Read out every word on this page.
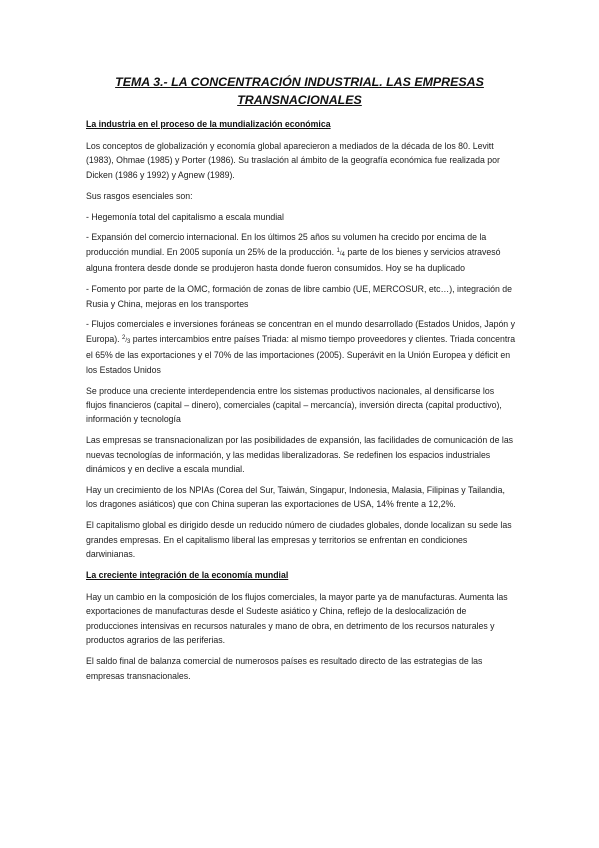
TEMA 3.- LA CONCENTRACIÓN INDUSTRIAL. LAS EMPRESAS
TRANSNACIONALES
La industria en el proceso de la mundialización económica

Los conceptos de globalización y economía global aparecieron a mediados de la década de los 80. Levitt (1983), Ohmae (1985) y Porter (1986). Su traslación al ámbito de la geografía económica fue realizada por Dicken (1986 y 1992) y Agnew (1989).

Sus rasgos esenciales son:

- Hegemonía total del capitalismo a escala mundial

- Expansión del comercio internacional. En los últimos 25 años su volumen ha crecido por encima de la producción mundial. En 2005 suponía un 25% de la producción. 1/4 parte de los bienes y servicios atravesó alguna frontera desde donde se produjeron hasta donde fueron consumidos. Hoy se ha duplicado

- Fomento por parte de la OMC, formación de zonas de libre cambio (UE, MERCOSUR, etc…), integración de Rusia y China, mejoras en los transportes

- Flujos comerciales e inversiones foráneas se concentran en el mundo desarrollado (Estados Unidos, Japón y Europa). 2/3 partes intercambios entre países Triada: al mismo tiempo proveedores y clientes. Triada concentra el 65% de las exportaciones y el 70% de las importaciones (2005). Superávit en la Unión Europea y déficit en los Estados Unidos

Se produce una creciente interdependencia entre los sistemas productivos nacionales, al densificarse los flujos financieros (capital – dinero), comerciales (capital – mercancía), inversión directa (capital productivo), información y tecnología

Las empresas se transnacionalizan por las posibilidades de expansión, las facilidades de comunicación de las nuevas tecnologías de información, y las medidas liberalizadoras. Se redefinen los espacios industriales dinámicos y en declive a escala mundial.

Hay un crecimiento de los NPIAs (Corea del Sur, Taiwán, Singapur, Indonesia, Malasia, Filipinas y Tailandia, los dragones asiáticos) que con China superan las exportaciones de USA, 14% frente a 12,2%.

El capitalismo global es dirigido desde un reducido número de ciudades globales, donde localizan su sede las grandes empresas. En el capitalismo liberal las empresas y territorios se enfrentan en condiciones darwinianas.

La creciente integración de la economía mundial

Hay un cambio en la composición de los flujos comerciales, la mayor parte ya de manufacturas. Aumenta las exportaciones de manufacturas desde el Sudeste asiático y China, reflejo de la deslocalización de producciones intensivas en recursos naturales y mano de obra, en detrimento de los recursos naturales y productos agrarios de las periferias.

El saldo final de balanza comercial de numerosos países es resultado directo de las estrategias de las empresas transnacionales.
